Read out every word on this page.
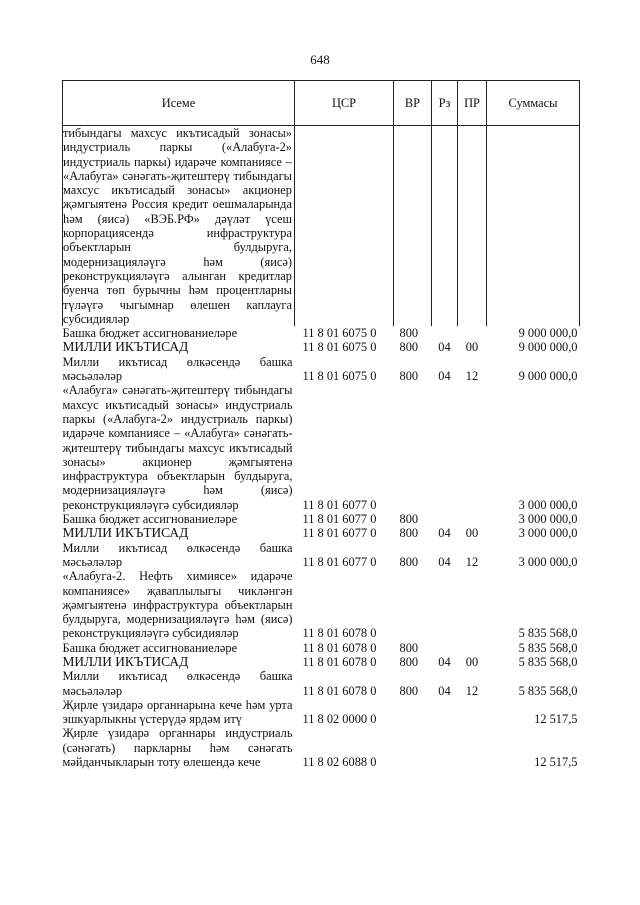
648
Исеме	ЦСР	ВР	Рз	ПР	Суммасы
тибындагы махсус икътисадый зонасы» индустриаль паркы («Алабуга-2» индустриаль паркы) идарәче компаниясе – «Алабуга» сәнәгать-җитештерү тибындагы махсус икътисадый зонасы» акционер җәмгыятенә Россия кредит оешмаларында һәм (яисә) «ВЭБ.РФ» дәүләт үсеш корпорациясендә инфраструктура объектларын булдыруга, модернизацияләүгә һәм (яисә) реконструкцияләүгә алынган кредитлар буенча төп бурычны һәм процентларны түләүгә чыгымнар өлешен каплауга субсидияләр					
Башка бюджет ассигнованиеләре	11 8 01 6075 0	800			9 000 000,0
МИЛЛИ ИКЪТИСАД	11 8 01 6075 0	800	04	00	9 000 000,0
Милли икътисад өлкәсендә башка мәсьәләләр	11 8 01 6075 0	800	04	12	9 000 000,0
«Алабуга» сәнәгать-җитештерү тибындагы махсус икътисадый зонасы» индустриаль паркы («Алабуга-2» индустриаль паркы) идарәче компаниясе – «Алабуга» сәнәгать-җитештерү тибындагы махсус икътисадый зонасы» акционер җәмгыятенә инфраструктура объектларын булдыруга, модернизацияләүгә һәм (яисә) реконструкцияләүгә субсидияләр	11 8 01 6077 0				3 000 000,0
Башка бюджет ассигнованиеләре	11 8 01 6077 0	800			3 000 000,0
МИЛЛИ ИКЪТИСАД	11 8 01 6077 0	800	04	00	3 000 000,0
Милли икътисад өлкәсендә башка мәсьәләләр	11 8 01 6077 0	800	04	12	3 000 000,0
«Алабуга-2. Нефть химиясе» идарәче компаниясе» җаваплылыгы чикләнгән җәмгыятенә инфраструктура объектларын булдыруга, модернизацияләүгә һәм (яисә) реконструкцияләүгә субсидияләр	11 8 01 6078 0				5 835 568,0
Башка бюджет ассигнованиеләре	11 8 01 6078 0	800			5 835 568,0
МИЛЛИ ИКЪТИСАД	11 8 01 6078 0	800	04	00	5 835 568,0
Милли икътисад өлкәсендә башка мәсьәләләр	11 8 01 6078 0	800	04	12	5 835 568,0
Җирле үзидарә органнарына кече һәм урта эшкуарлыкны үстерүдә ярдәм итү	11 8 02 0000 0				12 517,5
Җирле үзидарә органнары индустриаль (сәнәгать) паркларны һәм сәнәгать мәйданчыкларын тоту өлешендә кече	11 8 02 6088 0				12 517,5
